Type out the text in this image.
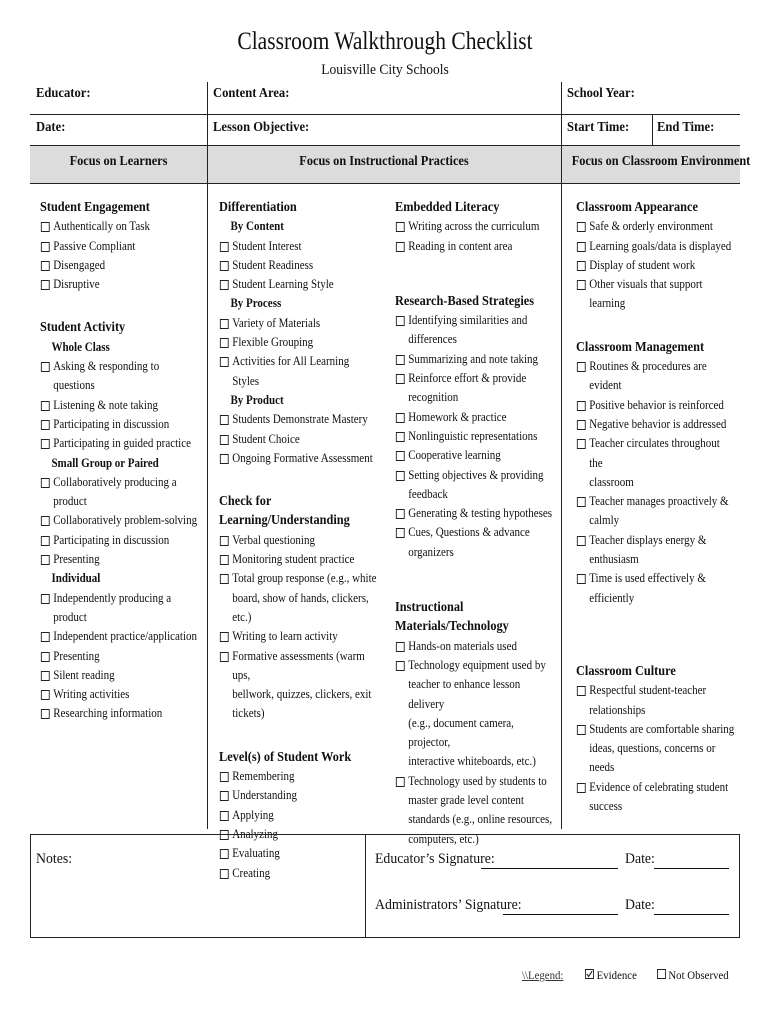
Classroom Walkthrough Checklist
Louisville City Schools
Educator:	Content Area:	School Year:
Date:	Lesson Objective:	Start Time: End Time:
Focus on Learners	Focus on Instructional Practices	Focus on Classroom Environment
Student Engagement
Authentically on Task
Passive Compliant
Disengaged
Disruptive
Student Activity
Whole Class
Asking & responding to questions
Listening & note taking
Participating in discussion
Participating in guided practice
Small Group or Paired
Collaboratively producing a product
Collaboratively problem-solving
Participating in discussion
Presenting
Individual
Independently producing a product
Independent practice/application
Presenting
Silent reading
Writing activities
Researching information
Differentiation
By Content
Student Interest
Student Readiness
Student Learning Style
By Process
Variety of Materials
Flexible Grouping
Activities for All Learning Styles
By Product
Students Demonstrate Mastery
Student Choice
Ongoing Formative Assessment
Check for Learning/Understanding
Verbal questioning
Monitoring student practice
Total group response (e.g., white
board, show of hands, clickers, etc.)
Writing to learn activity
Formative assessments (warm ups,
bellwork, quizzes, clickers, exit
tickets)
Level(s) of Student Work
Remembering
Understanding
Applying
Analyzing
Evaluating
Creating
Embedded Literacy
Writing across the curriculum
Reading in content area
Research-Based Strategies
Identifying similarities and
differences
Summarizing and note taking
Reinforce effort & provide
recognition
Homework & practice
Nonlinguistic representations
Cooperative learning
Setting objectives & providing
feedback
Generating & testing hypotheses
Cues, Questions & advance
organizers
Instructional
Materials/Technology
Hands-on materials used
Technology equipment used by
teacher to enhance lesson delivery
(e.g., document camera, projector,
interactive whiteboards, etc.)
Technology used by students to
master grade level content
standards (e.g., online resources,
computers, etc.)
Classroom Appearance
Safe & orderly environment
Learning goals/data is displayed
Display of student work
Other visuals that support learning
Classroom Management
Routines & procedures are evident
Positive behavior is reinforced
Negative behavior is addressed
Teacher circulates throughout the
classroom
Teacher manages proactively &
calmly
Teacher displays energy &
enthusiasm
Time is used effectively &
efficiently
Classroom Culture
Respectful student-teacher
relationships
Students are comfortable sharing
ideas, questions, concerns or needs
Evidence of celebrating student
success
Notes:	Educator’s Signature:	Date:
Administrators’ Signature:	Date:
\\Legend:	Evidence	Not Observed
